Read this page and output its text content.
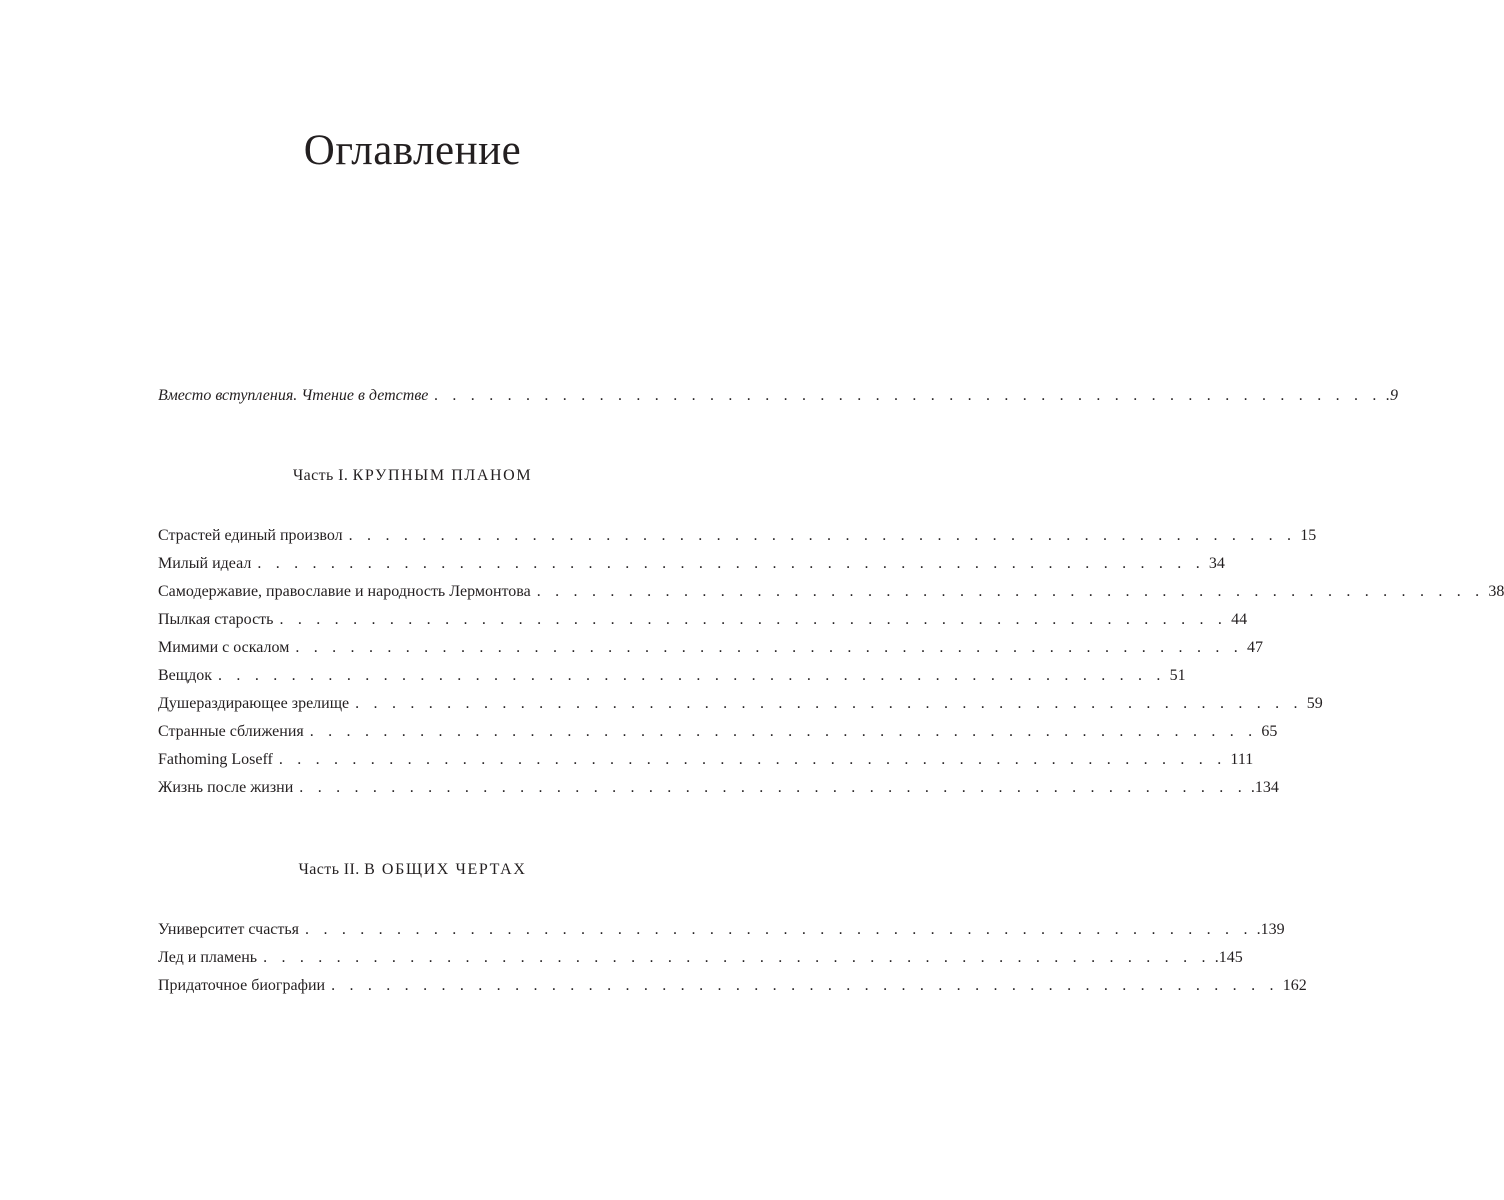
Оглавление
Вместо вступления. Чтение в детстве . . . . . . . . . . . . . . . . . . . . . . . . . . . . . . . . . . . . . . . . . . . . . . . . . . . . .9
Часть I. КРУПНЫМ ПЛАНОМ
Страстей единый произвол . . . . . . . . . . . . . . . . . . . . . . . . . . . . . . . . . . . . . . . . . . . . . . . . . . . . 15
Милый идеал . . . . . . . . . . . . . . . . . . . . . . . . . . . . . . . . . . . . . . . . . . . . . . . . . . . . 34
Самодержавие, православие и народность Лермонтова . . . . . . . . . . . . . . . . . . . . . . . . . . . . . . . . . . . . . . . . . . . . . . . . . . . . 38
Пылкая старость . . . . . . . . . . . . . . . . . . . . . . . . . . . . . . . . . . . . . . . . . . . . . . . . . . . . 44
Мимими с оскалом . . . . . . . . . . . . . . . . . . . . . . . . . . . . . . . . . . . . . . . . . . . . . . . . . . . . 47
Вещдок . . . . . . . . . . . . . . . . . . . . . . . . . . . . . . . . . . . . . . . . . . . . . . . . . . . . 51
Душераздирающее зрелище . . . . . . . . . . . . . . . . . . . . . . . . . . . . . . . . . . . . . . . . . . . . . . . . . . . . 59
Странные сближения . . . . . . . . . . . . . . . . . . . . . . . . . . . . . . . . . . . . . . . . . . . . . . . . . . . . 65
Fathoming Loseff . . . . . . . . . . . . . . . . . . . . . . . . . . . . . . . . . . . . . . . . . . . . . . . . . . . . 111
Жизнь после жизни . . . . . . . . . . . . . . . . . . . . . . . . . . . . . . . . . . . . . . . . . . . . . . . . . . . . .134
Часть II. В ОБЩИХ ЧЕРТАХ
Университет счастья . . . . . . . . . . . . . . . . . . . . . . . . . . . . . . . . . . . . . . . . . . . . . . . . . . . . .139
Лед и пламень . . . . . . . . . . . . . . . . . . . . . . . . . . . . . . . . . . . . . . . . . . . . . . . . . . . . .145
Придаточное биографии . . . . . . . . . . . . . . . . . . . . . . . . . . . . . . . . . . . . . . . . . . . . . . . . . . . . 162
